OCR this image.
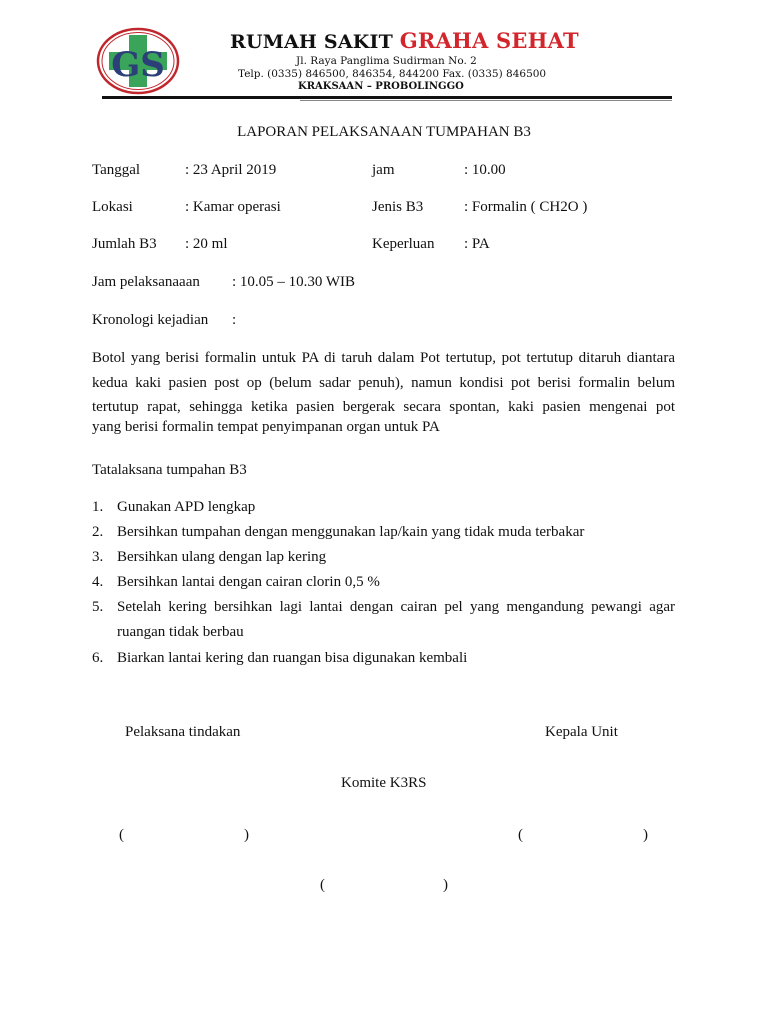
GS
RUMAH SAKIT GRAHA SEHAT
Jl. Raya Panglima Sudirman No. 2
Telp. (0335) 846500, 846354, 844200 Fax. (0335) 846500
KRAKSAAN – PROBOLINGGO
LAPORAN PELAKSANAAN TUMPAHAN B3
Tanggal	: 23 April 2019	jam	: 10.00
Lokasi	: Kamar operasi	Jenis B3	: Formalin ( CH2O )
Jumlah B3 : 20 ml	Keperluan : PA
Jam pelaksanaaan : 10.05 – 10.30 WIB
Kronologi kejadian :
Botol yang berisi formalin untuk PA di taruh dalam Pot tertutup, pot tertutup ditaruh diantara kedua kaki pasien post op (belum sadar penuh), namun kondisi pot berisi formalin belum tertutup rapat, sehingga ketika pasien bergerak secara spontan, kaki pasien mengenai pot
yang berisi formalin tempat penyimpanan organ untuk PA
Tatalaksana tumpahan B3
1. Gunakan APD lengkap
2. Bersihkan tumpahan dengan menggunakan lap/kain yang tidak muda terbakar
3. Bersihkan ulang dengan lap kering
4. Bersihkan lantai dengan cairan clorin 0,5 %
5. Setelah kering bersihkan lagi lantai dengan cairan pel yang mengandung pewangi agar
ruangan tidak berbau
6. Biarkan lantai kering dan ruangan bisa digunakan kembali
Pelaksana tindakan	Kepala Unit
Komite K3RS
(	)	(	)
(	)
